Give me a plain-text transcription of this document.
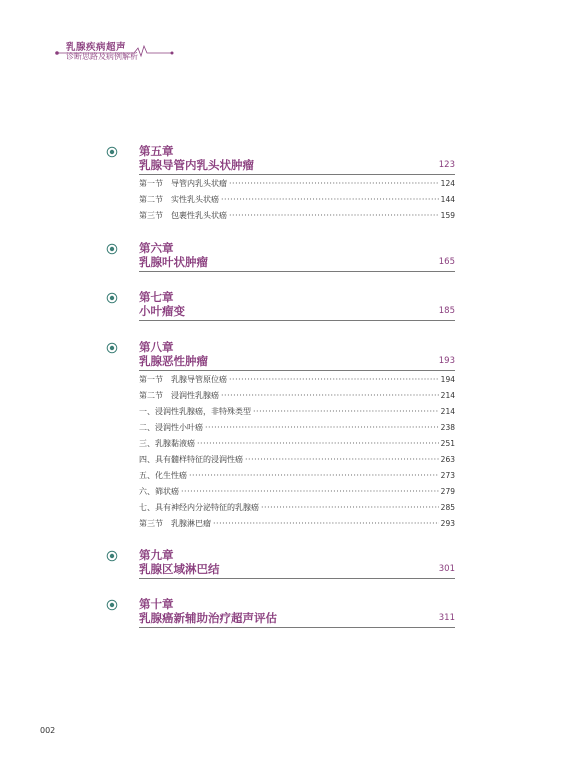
乳腺疾病超声
诊断思路及病例解析
第五章
乳腺导管内乳头状肿瘤	123
第一节　导管内乳头状瘤 ·····	124
第二节　实性乳头状癌 ·····	144
第三节　包裹性乳头状癌 ·····	159
第六章
乳腺叶状肿瘤	165
第七章
小叶瘤变	185
第八章
乳腺恶性肿瘤	193
第一节　乳腺导管原位癌 ·····	194
第二节　浸润性乳腺癌 ·····	214
一、浸润性乳腺癌，非特殊类型 ·····	214
二、浸润性小叶癌 ·····	238
三、乳腺黏液癌 ·····	251
四、具有髓样特征的浸润性癌 ·····	263
五、化生性癌 ·····	273
六、筛状癌 ·····	279
七、具有神经内分泌特征的乳腺癌 ·····	285
第三节　乳腺淋巴瘤 ·····	293
第九章
乳腺区域淋巴结	301
第十章
乳腺癌新辅助治疗超声评估	311
002
